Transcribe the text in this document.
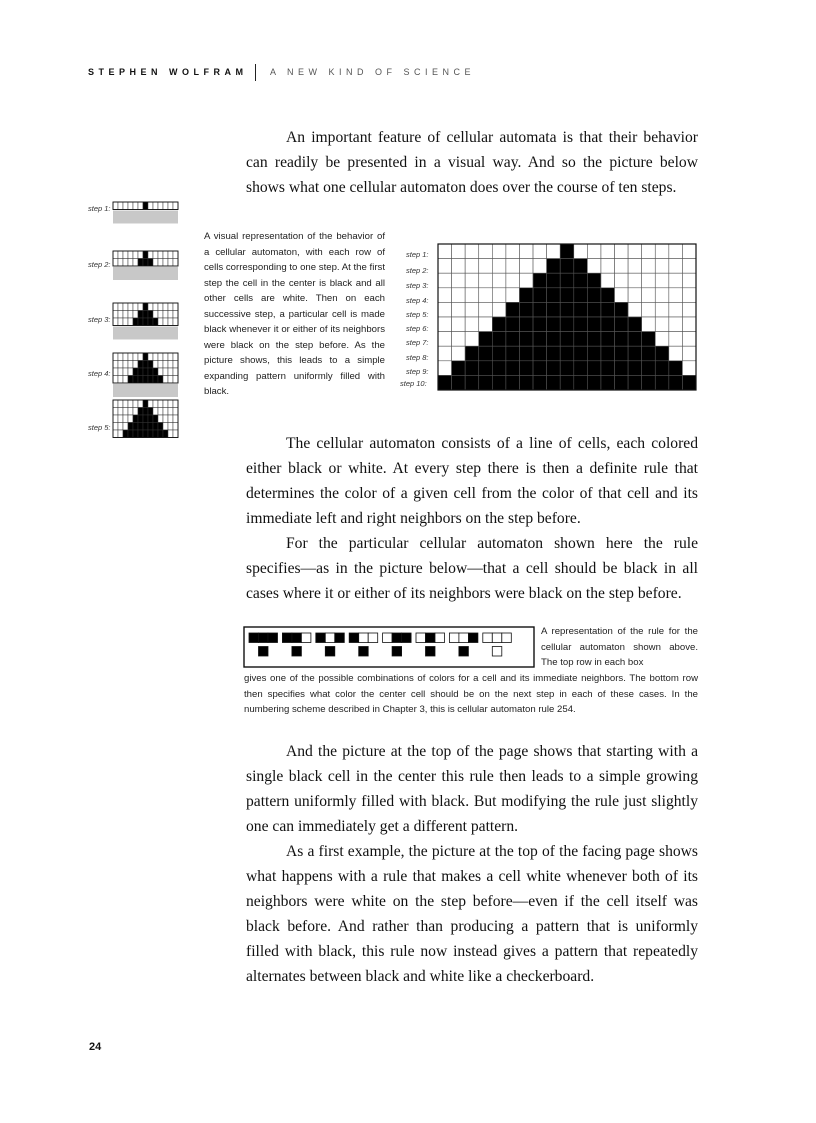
STEPHEN WOLFRAM	A NEW KIND OF SCIENCE

An important feature of cellular automata is that their behavior can readily be presented in a visual way. And so the picture below shows what one cellular automaton does over the course of ten steps.

step 1:
step 2:
step 3:
step 4:
step 5:
A visual representation of the behavior of a cellular automaton, with each row of cells corresponding to one step. At the first step the cell in the center is black and all other cells are white. Then on each successive step, a particular cell is made black whenever it or either of its neighbors were black on the step before. As the picture shows, this leads to a simple expanding pattern uniformly filled with black.
step 1:
step 2:
step 3:
step 4:
step 5:
step 6:
step 7:
step 8:
step 9:
step 10:

The cellular automaton consists of a line of cells, each colored either black or white. At every step there is then a definite rule that determines the color of a given cell from the color of that cell and its immediate left and right neighbors on the step before.

For the particular cellular automaton shown here the rule specifies—as in the picture below—that a cell should be black in all cases where it or either of its neighbors were black on the step before.

A representation of the rule for the cellular automaton shown above. The top row in each box
gives one of the possible combinations of colors for a cell and its immediate neighbors. The bottom row then specifies what color the center cell should be on the next step in each of these cases. In the numbering scheme described in Chapter 3, this is cellular automaton rule 254.

And the picture at the top of the page shows that starting with a single black cell in the center this rule then leads to a simple growing pattern uniformly filled with black. But modifying the rule just slightly one can immediately get a different pattern.

As a first example, the picture at the top of the facing page shows what happens with a rule that makes a cell white whenever both of its neighbors were white on the step before—even if the cell itself was black before. And rather than producing a pattern that is uniformly filled with black, this rule now instead gives a pattern that repeatedly alternates between black and white like a checkerboard.

24
